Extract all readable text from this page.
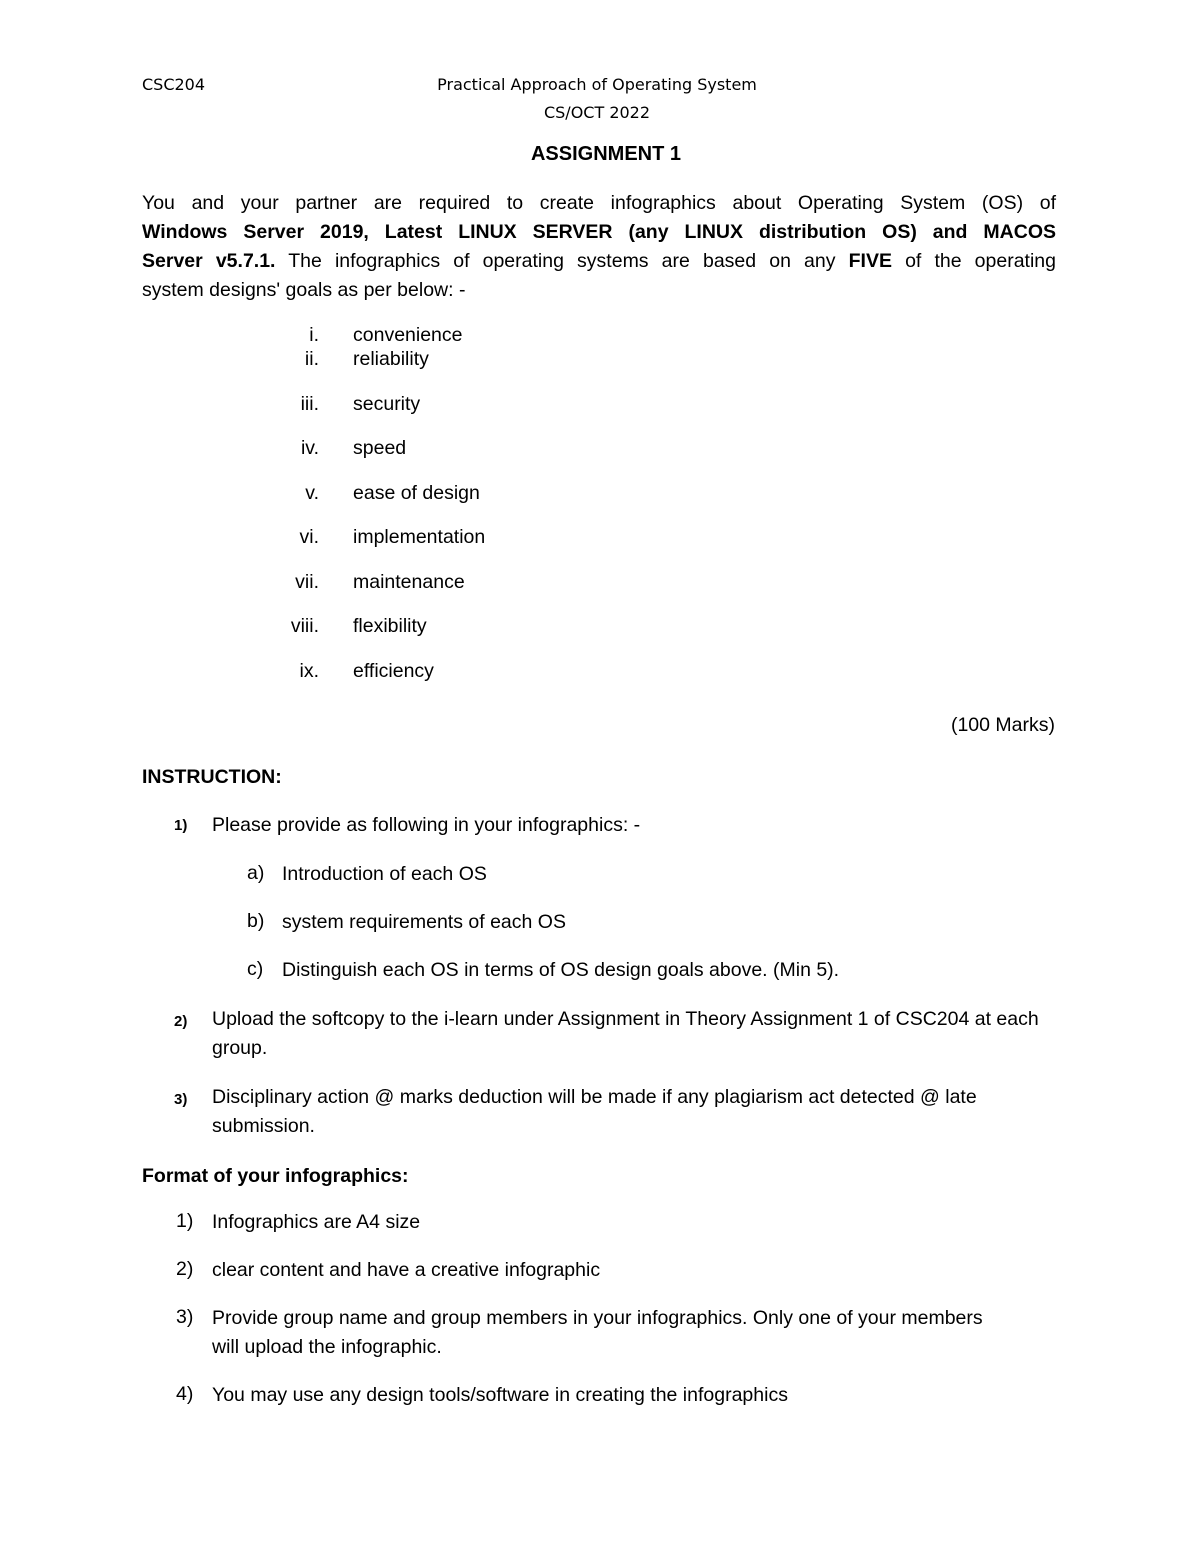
CSC204	Practical Approach of Operating System
CS/OCT 2022
ASSIGNMENT 1
You and your partner are required to create infographics about Operating System (OS) of
Windows Server 2019, Latest LINUX SERVER (any LINUX distribution OS) and MACOS
Server v5.7.1. The infographics of operating systems are based on any FIVE of the operating
system designs' goals as per below: -
i. convenience
ii. reliability
iii. security
iv. speed
v. ease of design
vi. implementation
vii. maintenance
viii. flexibility
ix. efficiency
(100 Marks)
INSTRUCTION:
1) Please provide as following in your infographics: -
a) Introduction of each OS
b) system requirements of each OS
c) Distinguish each OS in terms of OS design goals above. (Min 5).
2) Upload the softcopy to the i-learn under Assignment in Theory Assignment 1 of CSC204 at each group.
3) Disciplinary action @ marks deduction will be made if any plagiarism act detected @ late submission.
Format of your infographics:
1) Infographics are A4 size
2) clear content and have a creative infographic
3) Provide group name and group members in your infographics. Only one of your members will upload the infographic.
4) You may use any design tools/software in creating the infographics
